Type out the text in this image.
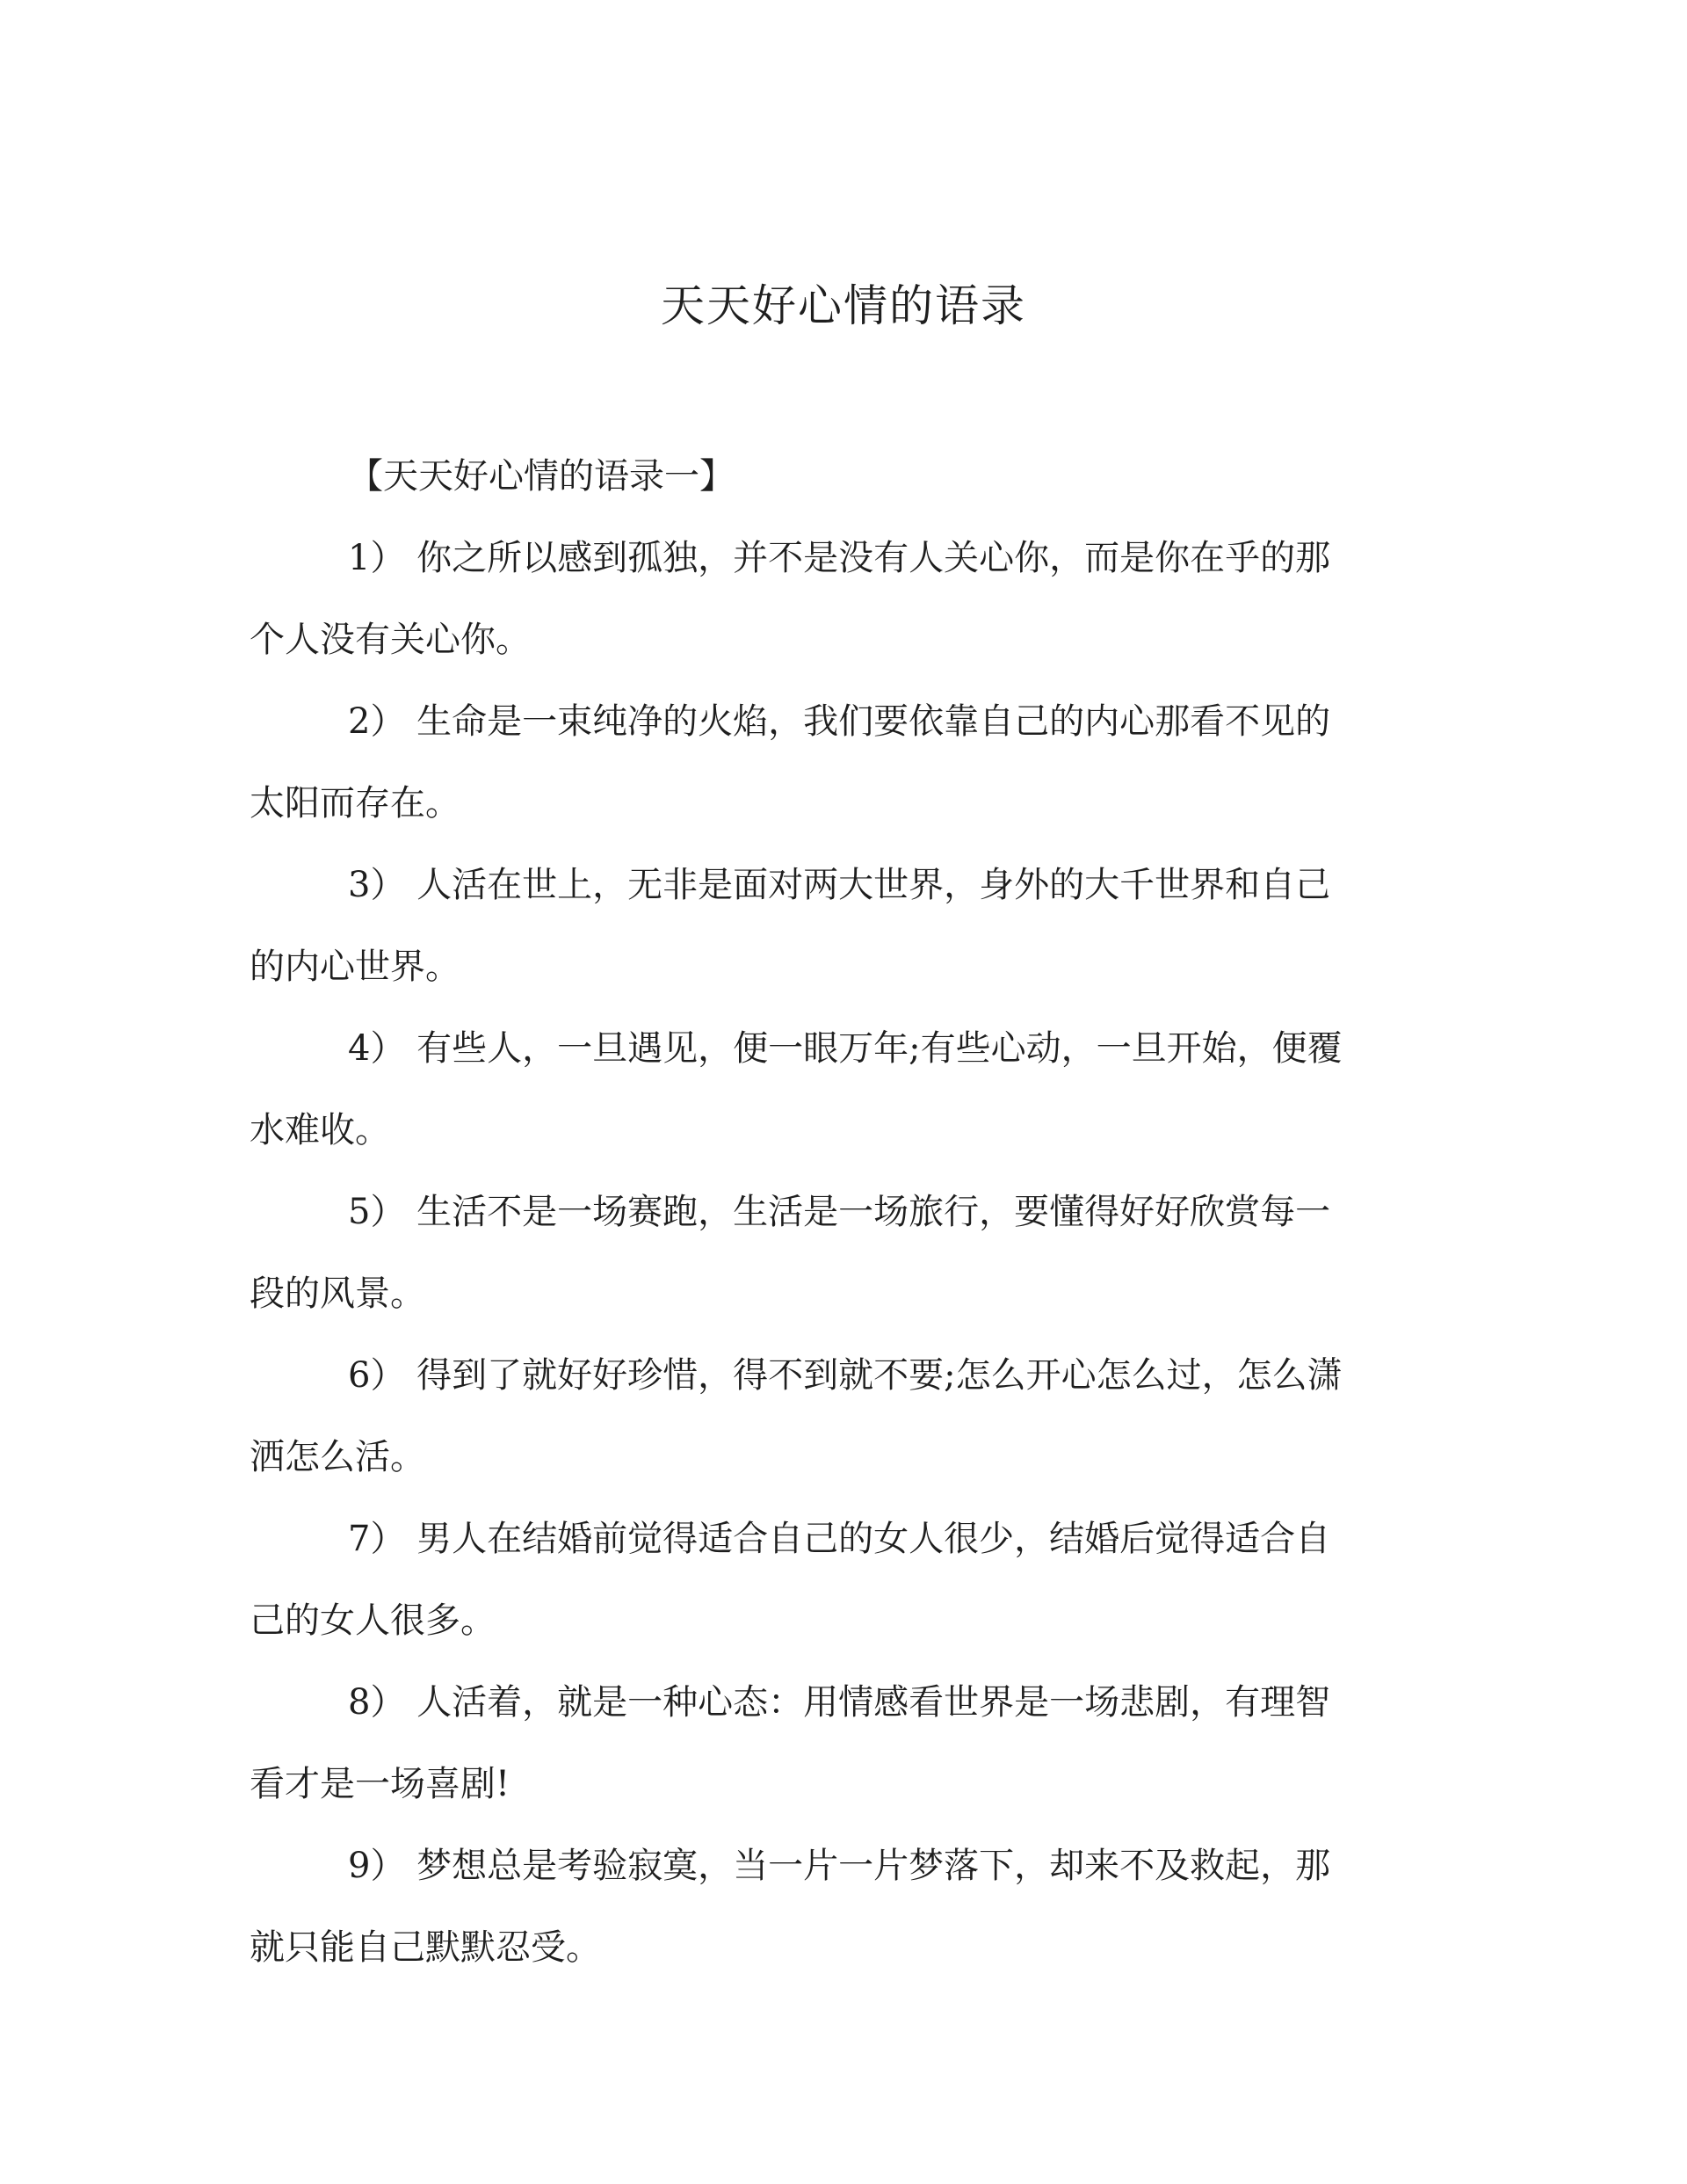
天天好心情的语录
【天天好心情的语录一】
1） 你之所以感到孤独，并不是没有人关心你，而是你在乎的那
个人没有关心你。
2） 生命是一束纯净的火焰，我们要依靠自己的内心那看不见的
太阳而存在。
3） 人活在世上，无非是面对两大世界，身外的大千世界和自己
的内心世界。
4） 有些人，一旦遇见，便一眼万年;有些心动，一旦开始，便覆
水难收。
5） 生活不是一场赛跑，生活是一场旅行，要懂得好好欣赏每一
段的风景。
6） 得到了就好好珍惜，得不到就不要;怎么开心怎么过，怎么潇
洒怎么活。
7） 男人在结婚前觉得适合自己的女人很少，结婚后觉得适合自
己的女人很多。
8） 人活着，就是一种心态：用情感看世界是一场悲剧，有理智
看才是一场喜剧!
9） 梦想总是考验寂寞，当一片一片梦落下，却来不及救起，那
就只能自己默默忍受。
